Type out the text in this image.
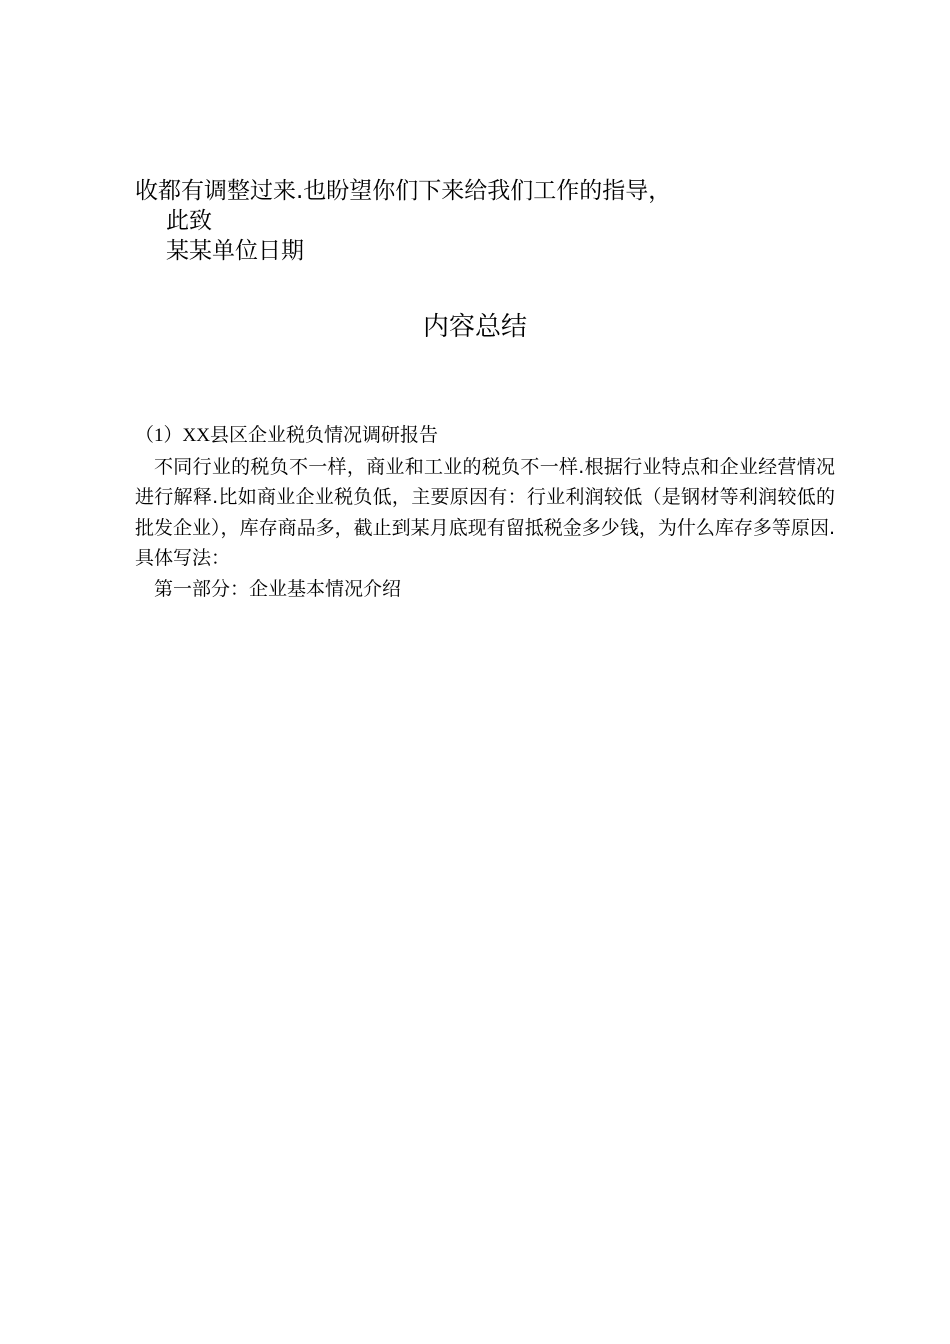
收都有调整过来.也盼望你们下来给我们工作的指导，
此致
某某单位日期
内容总结

（1）XX县区企业税负情况调研报告

不同行业的税负不一样，商业和工业的税负不一样.根据行业特点和企业经营情况进行解释.比如商业企业税负低，主要原因有：行业利润较低（是钢材等利润较低的批发企业），库存商品多，截止到某月底现有留抵税金多少钱，为什么库存多等原因.具体写法：

第一部分：企业基本情况介绍
